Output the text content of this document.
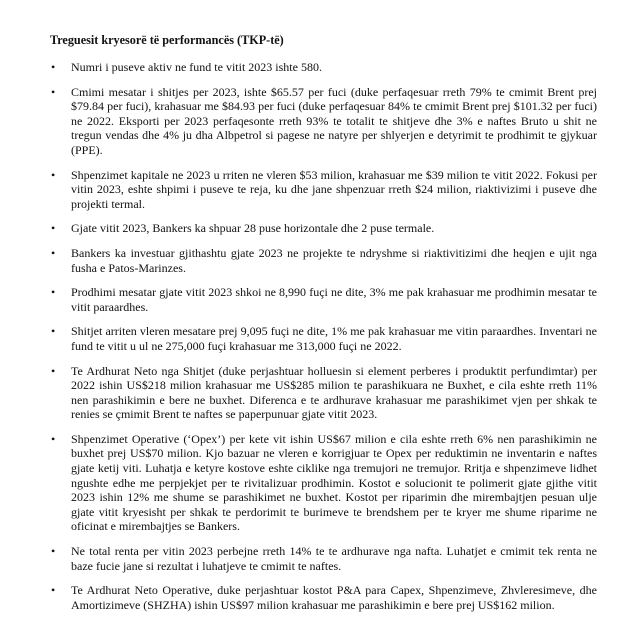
Treguesit kryesorë të performancës (TKP-të)
• Numri i puseve aktiv ne fund te vitit 2023 ishte 580.
• Cmimi mesatar i shitjes per 2023, ishte $65.57 per fuci (duke perfaqesuar rreth 79% te cmimit Brent prej $79.84 per fuci), krahasuar me $84.93 per fuci (duke perfaqesuar 84% te cmimit Brent prej $101.32 per fuci) ne 2022. Eksporti per 2023 perfaqesonte rreth 93% te totalit te shitjeve dhe 3% e naftes Bruto u shit ne tregun vendas dhe 4% ju dha Albpetrol si pagese ne natyre per shlyerjen e detyrimit te prodhimit te gjykuar (PPE).
• Shpenzimet kapitale ne 2023 u rriten ne vleren $53 milion, krahasuar me $39 milion te vitit 2022. Fokusi per vitin 2023, eshte shpimi i puseve te reja, ku dhe jane shpenzuar rreth $24 milion, riaktivizimi i puseve dhe projekti termal.
• Gjate vitit 2023, Bankers ka shpuar 28 puse horizontale dhe 2 puse termale.
• Bankers ka investuar gjithashtu gjate 2023 ne projekte te ndryshme si riaktivitizimi dhe heqjen e ujit nga fusha e Patos-Marinzes.
• Prodhimi mesatar gjate vitit 2023 shkoi ne 8,990 fuçi ne dite, 3% me pak krahasuar me prodhimin mesatar te vitit paraardhes.
• Shitjet arriten vleren mesatare prej 9,095 fuçi ne dite, 1% me pak krahasuar me vitin paraardhes. Inventari ne fund te vitit u ul ne 275,000 fuçi krahasuar me 313,000 fuçi ne 2022.
• Te Ardhurat Neto nga Shitjet (duke perjashtuar holluesin si element perberes i produktit perfundimtar) per 2022 ishin US$218 milion krahasuar me US$285 milion te parashikuara ne Buxhet, e cila eshte rreth 11% nen parashikimin e bere ne buxhet. Diferenca e te ardhurave krahasuar me parashikimet vjen per shkak te renies se çmimit Brent te naftes se paperpunuar gjate vitit 2023.
• Shpenzimet Operative (‘Opex’) per kete vit ishin US$67 milion e cila eshte rreth 6% nen parashikimin ne buxhet prej US$70 milion. Kjo bazuar ne vleren e korrigjuar te Opex per reduktimin ne inventarin e naftes gjate ketij viti. Luhatja e ketyre kostove eshte ciklike nga tremujori ne tremujor. Rritja e shpenzimeve lidhet ngushte edhe me perpjekjet per te rivitalizuar prodhimin. Kostot e solucionit te polimerit gjate gjithe vitit 2023 ishin 12% me shume se parashikimet ne buxhet. Kostot per riparimin dhe mirembajtjen pesuan ulje gjate vitit kryesisht per shkak te perdorimit te burimeve te brendshem per te kryer me shume riparime ne oficinat e mirembajtjes se Bankers.
• Ne total renta per vitin 2023 perbejne rreth 14% te te ardhurave nga nafta. Luhatjet e cmimit tek renta ne baze fucie jane si rezultat i luhatjeve te cmimit te naftes.
• Te Ardhurat Neto Operative, duke perjashtuar kostot P&A para Capex, Shpenzimeve, Zhvleresimeve, dhe Amortizimeve (SHZHA) ishin US$97 milion krahasuar me parashikimin e bere prej US$162 milion.
